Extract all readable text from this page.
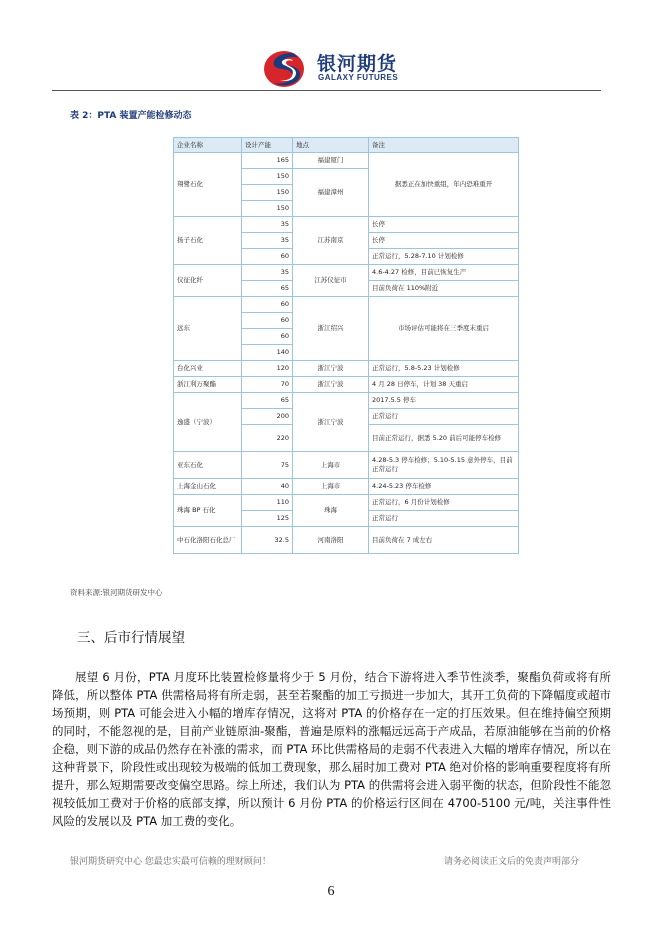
银河期货
GALAXY FUTURES
表 2：PTA 装置产能检修动态
企业名称	设计产能	地点	备注
翔鹭石化	165	福建厦门	据悉正在加快重组，年内恐难重开
	150	福建漳州	
	150		
	150		
扬子石化	35	江苏南京	长停
	35		长停
	60		正常运行，5.28-7.10 计划检修
仪征化纤	35	江苏仪征市	4.6-4.27 检修，目前已恢复生产
	65		目前负荷在 110%附近
远东	60	浙江绍兴	市场评估可能将在三季度末重启
	60		
	60		
	140		
台化兴业	120	浙江宁波	正常运行，5.8-5.23 计划检修
浙江利万聚酯	70	浙江宁波	4 月 28 日停车，计划 38 天重启
逸盛（宁波）	65	浙江宁波	2017.5.5 停车
	200		正常运行
	220		目前正常运行，据悉 5.20 前后可能停车检修
亚东石化	75	上海市	4.28-5.3 停车检修；5.10-5.15 意外停车，目前正常运行
上海金山石化	40	上海市	4.24-5.23 停车检修
珠海 BP 石化	110	珠海	正常运行，6 月份计划检修
	125		正常运行
中石化洛阳石化总厂	32.5	河南洛阳	目前负荷在 7 成左右
资料来源:银河期货研发中心
三、后市行情展望
展望 6 月份，PTA 月度环比装置检修量将少于 5 月份，结合下游将进入季节性淡季，聚酯负荷或将有所降低，所以整体 PTA 供需格局将有所走弱，甚至若聚酯的加工亏损进一步加大，其开工负荷的下降幅度或超市场预期，则 PTA 可能会进入小幅的增库存情况，这将对 PTA 的价格存在一定的打压效果。但在维持偏空预期的同时，不能忽视的是，目前产业链原油-聚酯，普遍是原料的涨幅远远高于产成品，若原油能够在当前的价格企稳，则下游的成品仍然存在补涨的需求，而 PTA 环比供需格局的走弱不代表进入大幅的增库存情况，所以在这种背景下，阶段性或出现较为极端的低加工费现象，那么届时加工费对 PTA 绝对价格的影响重要程度将有所提升，那么短期需要改变偏空思路。综上所述，我们认为 PTA 的供需将会进入弱平衡的状态，但阶段性不能忽视较低加工费对于价格的底部支撑，所以预计 6 月份 PTA 的价格运行区间在 4700-5100 元/吨，关注事件性风险的发展以及 PTA 加工费的变化。
银河期货研究中心 您最忠实最可信赖的理财顾问！	请务必阅读正文后的免责声明部分
6
